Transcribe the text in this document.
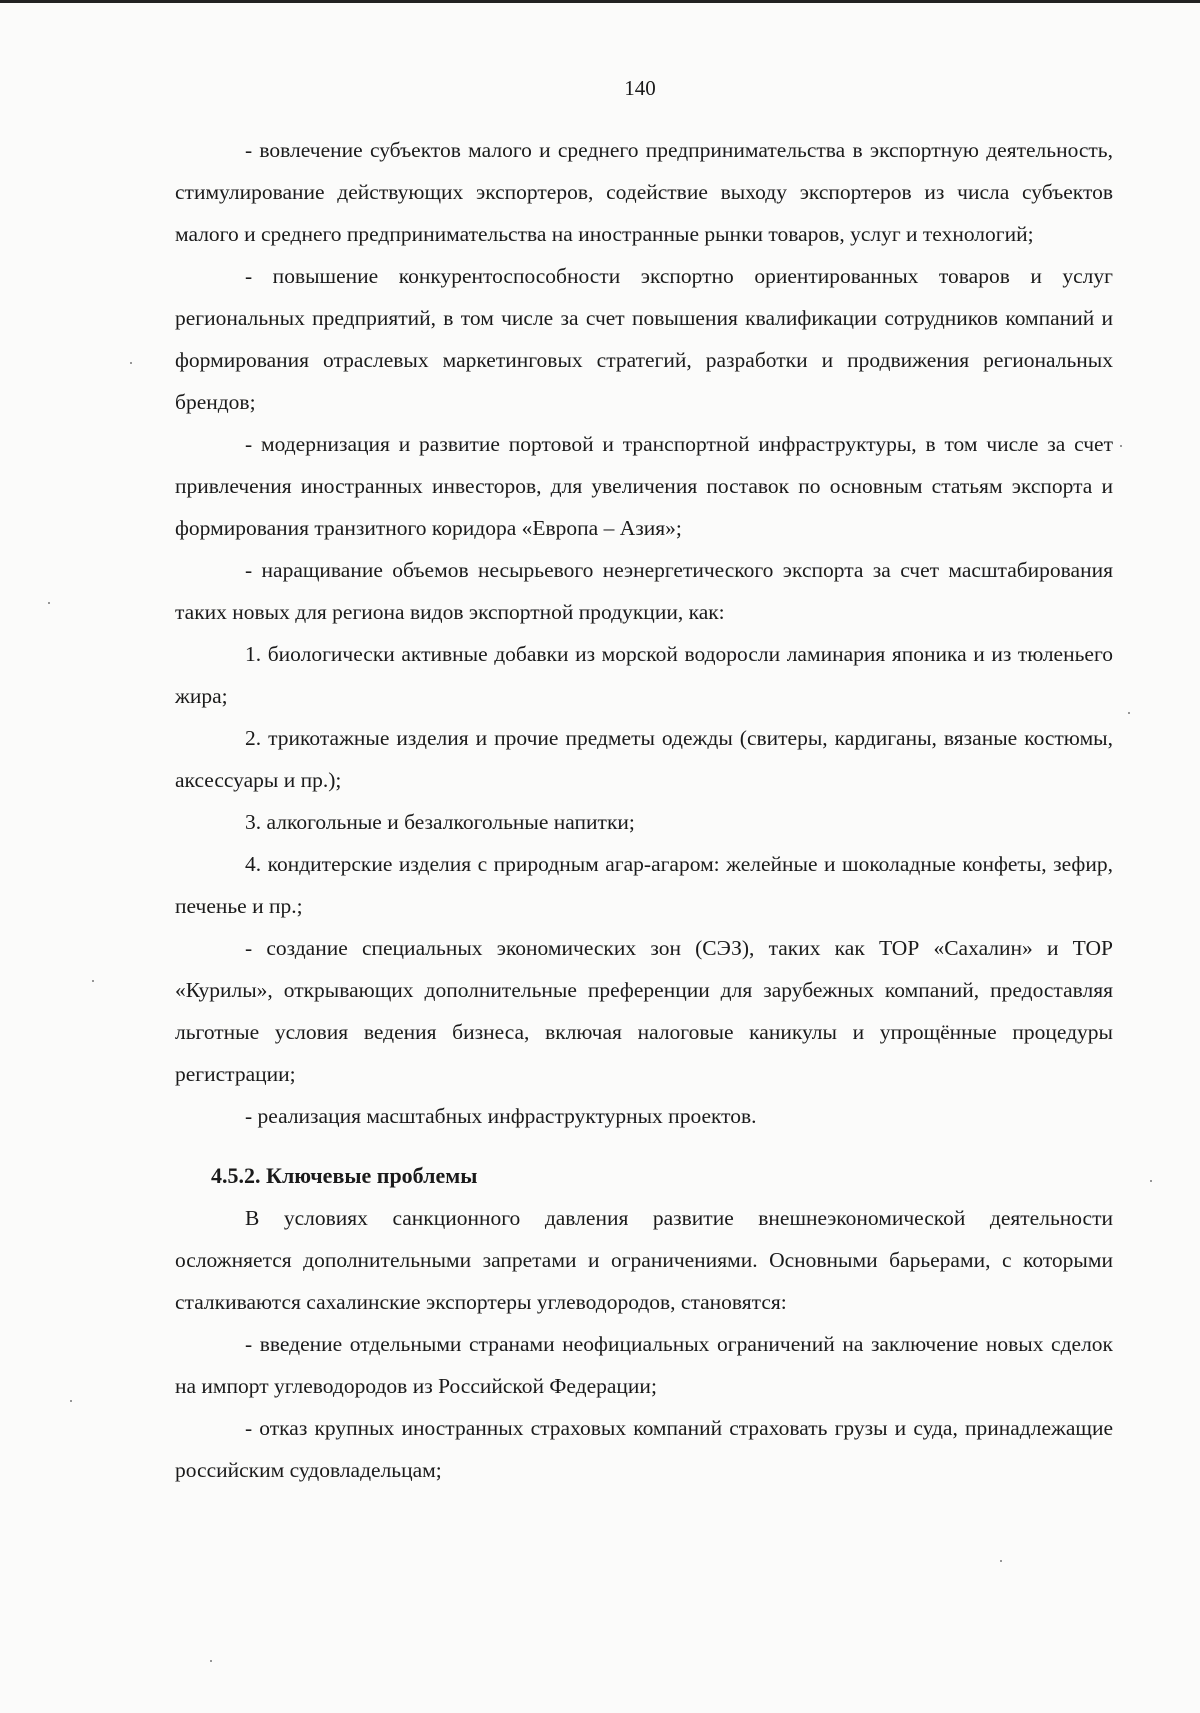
140

- вовлечение субъектов малого и среднего предпринимательства в экспортную деятельность, стимулирование действующих экспортеров, содействие выходу экспортеров из числа субъектов малого и среднего предпринимательства на иностранные рынки товаров, услуг и технологий;

- повышение конкурентоспособности экспортно ориентированных товаров и услуг региональных предприятий, в том числе за счет повышения квалификации сотрудников компаний и формирования отраслевых маркетинговых стратегий, разработки и продвижения региональных брендов;

- модернизация и развитие портовой и транспортной инфраструктуры, в том числе за счет привлечения иностранных инвесторов, для увеличения поставок по основным статьям экспорта и формирования транзитного коридора «Европа – Азия»;

- наращивание объемов несырьевого неэнергетического экспорта за счет масштабирования таких новых для региона видов экспортной продукции, как:

1. биологически активные добавки из морской водоросли ламинария японика и из тюленьего жира;

2. трикотажные изделия и прочие предметы одежды (свитеры, кардиганы, вязаные костюмы, аксессуары и пр.);

3. алкогольные и безалкогольные напитки;

4. кондитерские изделия с природным агар-агаром: желейные и шоколадные конфеты, зефир, печенье и пр.;

- создание специальных экономических зон (СЭЗ), таких как ТОР «Сахалин» и ТОР «Курилы», открывающих дополнительные преференции для зарубежных компаний, предоставляя льготные условия ведения бизнеса, включая налоговые каникулы и упрощённые процедуры регистрации;

- реализация масштабных инфраструктурных проектов.

4.5.2. Ключевые проблемы

В условиях санкционного давления развитие внешнеэкономической деятельности осложняется дополнительными запретами и ограничениями. Основными барьерами, с которыми сталкиваются сахалинские экспортеры углеводородов, становятся:

- введение отдельными странами неофициальных ограничений на заключение новых сделок на импорт углеводородов из Российской Федерации;

- отказ крупных иностранных страховых компаний страховать грузы и суда, принадлежащие российским судовладельцам;
